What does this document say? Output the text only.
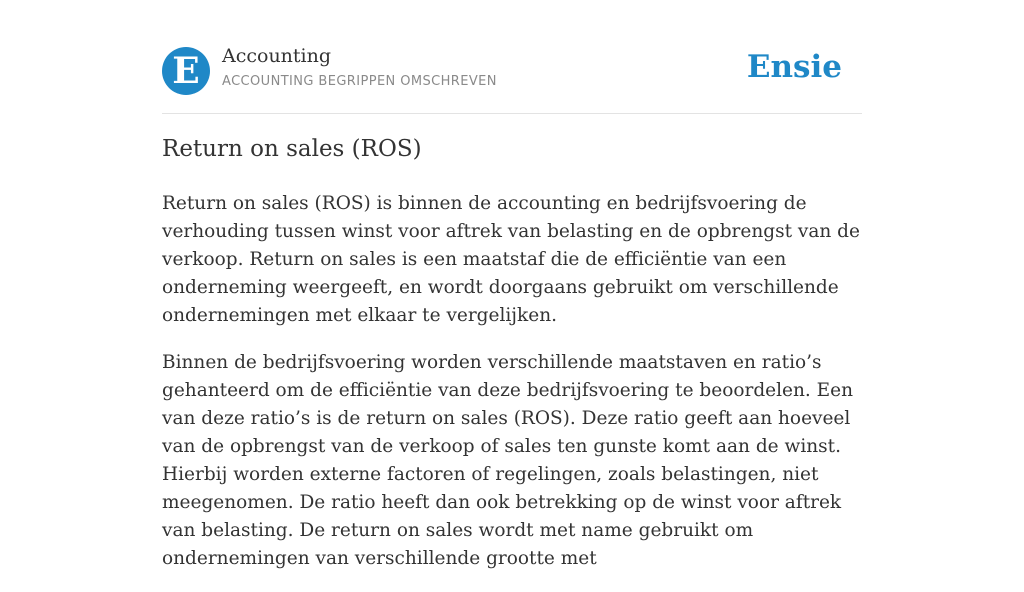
E	Accounting
ACCOUNTING BEGRIPPEN OMSCHREVEN	Ensie
Return on sales (ROS)

Return on sales (ROS) is binnen de accounting en bedrijfsvoering de verhouding tussen winst voor aftrek van belasting en de opbrengst van de verkoop. Return on sales is een maatstaf die de efficiëntie van een onderneming weergeeft, en wordt doorgaans gebruikt om verschillende ondernemingen met elkaar te vergelijken.

Binnen de bedrijfsvoering worden verschillende maatstaven en ratio’s gehanteerd om de efficiëntie van deze bedrijfsvoering te beoordelen. Een van deze ratio’s is de return on sales (ROS). Deze ratio geeft aan hoeveel van de opbrengst van de verkoop of sales ten gunste komt aan de winst. Hierbij worden externe factoren of regelingen, zoals belastingen, niet meegenomen. De ratio heeft dan ook betrekking op de winst voor aftrek van belasting. De return on sales wordt met name gebruikt om ondernemingen van verschillende grootte met
